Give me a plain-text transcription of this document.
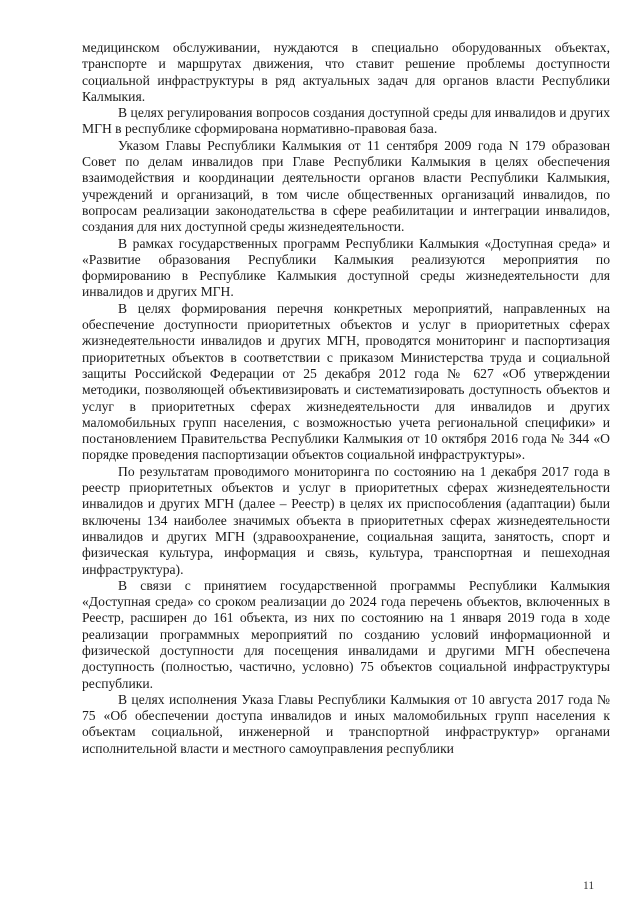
медицинском обслуживании, нуждаются в специально оборудованных объектах, транспорте и маршрутах движения, что ставит решение проблемы доступности социальной инфраструктуры в ряд актуальных задач для органов власти Республики Калмыкия.

В целях регулирования вопросов создания доступной среды для инвалидов и других МГН в республике сформирована нормативно-правовая база.

Указом Главы Республики Калмыкия от 11 сентября 2009 года N 179 образован Совет по делам инвалидов при Главе Республики Калмыкия в целях обеспечения взаимодействия и координации деятельности органов власти Республики Калмыкия, учреждений и организаций, в том числе общественных организаций инвалидов, по вопросам реализации законодательства в сфере реабилитации и интеграции инвалидов, создания для них доступной среды жизнедеятельности.

В рамках государственных программ Республики Калмыкия «Доступная среда» и «Развитие образования Республики Калмыкия реализуются мероприятия по формированию в Республике Калмыкия доступной среды жизнедеятельности для инвалидов и других МГН.

В целях формирования перечня конкретных мероприятий, направленных на обеспечение доступности приоритетных объектов и услуг в приоритетных сферах жизнедеятельности инвалидов и других МГН, проводятся мониторинг и паспортизация приоритетных объектов в соответствии с приказом Министерства труда и социальной защиты Российской Федерации от 25 декабря 2012 года № 627 «Об утверждении методики, позволяющей объективизировать и систематизировать доступность объектов и услуг в приоритетных сферах жизнедеятельности для инвалидов и других маломобильных групп населения, с возможностью учета региональной специфики» и постановлением Правительства Республики Калмыкия от 10 октября 2016 года № 344 «О порядке проведения паспортизации объектов социальной инфраструктуры».

По результатам проводимого мониторинга по состоянию на 1 декабря 2017 года в реестр приоритетных объектов и услуг в приоритетных сферах жизнедеятельности инвалидов и других МГН (далее – Реестр) в целях их приспособления (адаптации) были включены 134 наиболее значимых объекта в приоритетных сферах жизнедеятельности инвалидов и других МГН (здравоохранение, социальная защита, занятость, спорт и физическая культура, информация и связь, культура, транспортная и пешеходная инфраструктура).

В связи с принятием государственной программы Республики Калмыкия «Доступная среда» со сроком реализации до 2024 года перечень объектов, включенных в Реестр, расширен до 161 объекта, из них по состоянию на 1 января 2019 года в ходе реализации программных мероприятий по созданию условий информационной и физической доступности для посещения инвалидами и другими МГН обеспечена доступность (полностью, частично, условно) 75 объектов социальной инфраструктуры республики.

В целях исполнения Указа Главы Республики Калмыкия от 10 августа 2017 года № 75 «Об обеспечении доступа инвалидов и иных маломобильных групп населения к объектам социальной, инженерной и транспортной инфраструктур» органами исполнительной власти и местного самоуправления республики

11
